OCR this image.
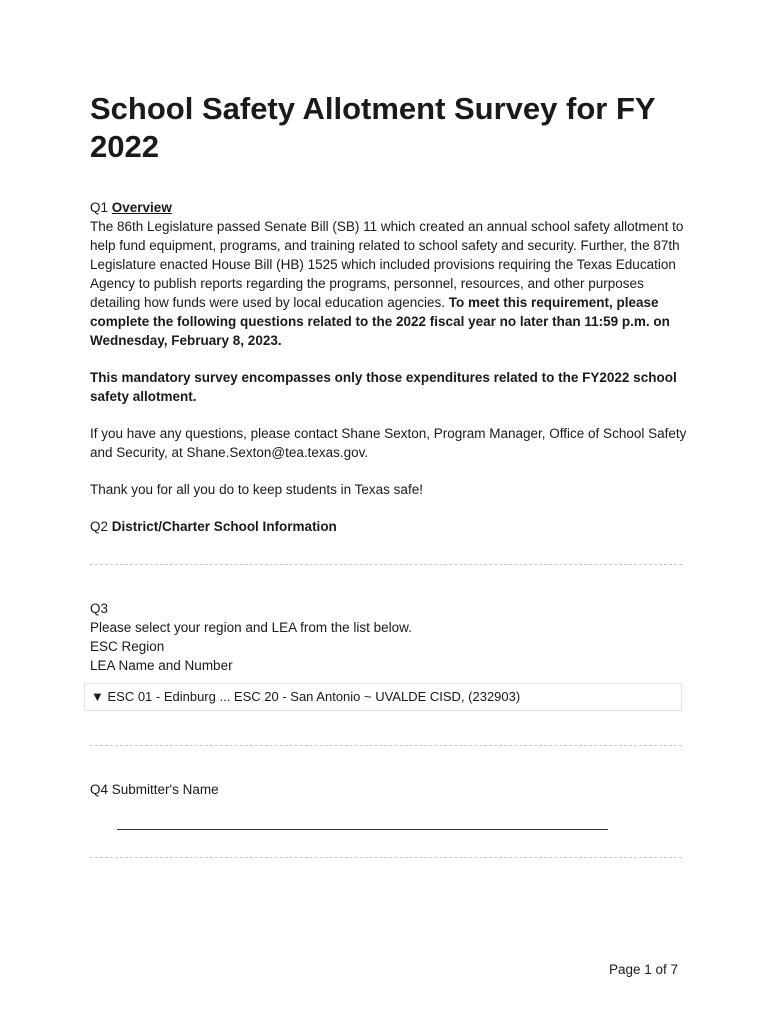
School Safety Allotment Survey for FY 2022
Q1 Overview

The 86th Legislature passed Senate Bill (SB) 11 which created an annual school safety allotment to help fund equipment, programs, and training related to school safety and security. Further, the 87th Legislature enacted House Bill (HB) 1525 which included provisions requiring the Texas Education Agency to publish reports regarding the programs, personnel, resources, and other purposes detailing how funds were used by local education agencies. To meet this requirement, please complete the following questions related to the 2022 fiscal year no later than 11:59 p.m. on Wednesday, February 8, 2023.

This mandatory survey encompasses only those expenditures related to the FY2022 school safety allotment.

If you have any questions, please contact Shane Sexton, Program Manager, Office of School Safety and Security, at Shane.Sexton@tea.texas.gov.

Thank you for all you do to keep students in Texas safe!

Q2 District/Charter School Information
Q3
Please select your region and LEA from the list below.
ESC Region
LEA Name and Number
▼ ESC 01 - Edinburg ... ESC 20 - San Antonio ~ UVALDE CISD, (232903)
Q4 Submitter's Name
Page 1 of 7
